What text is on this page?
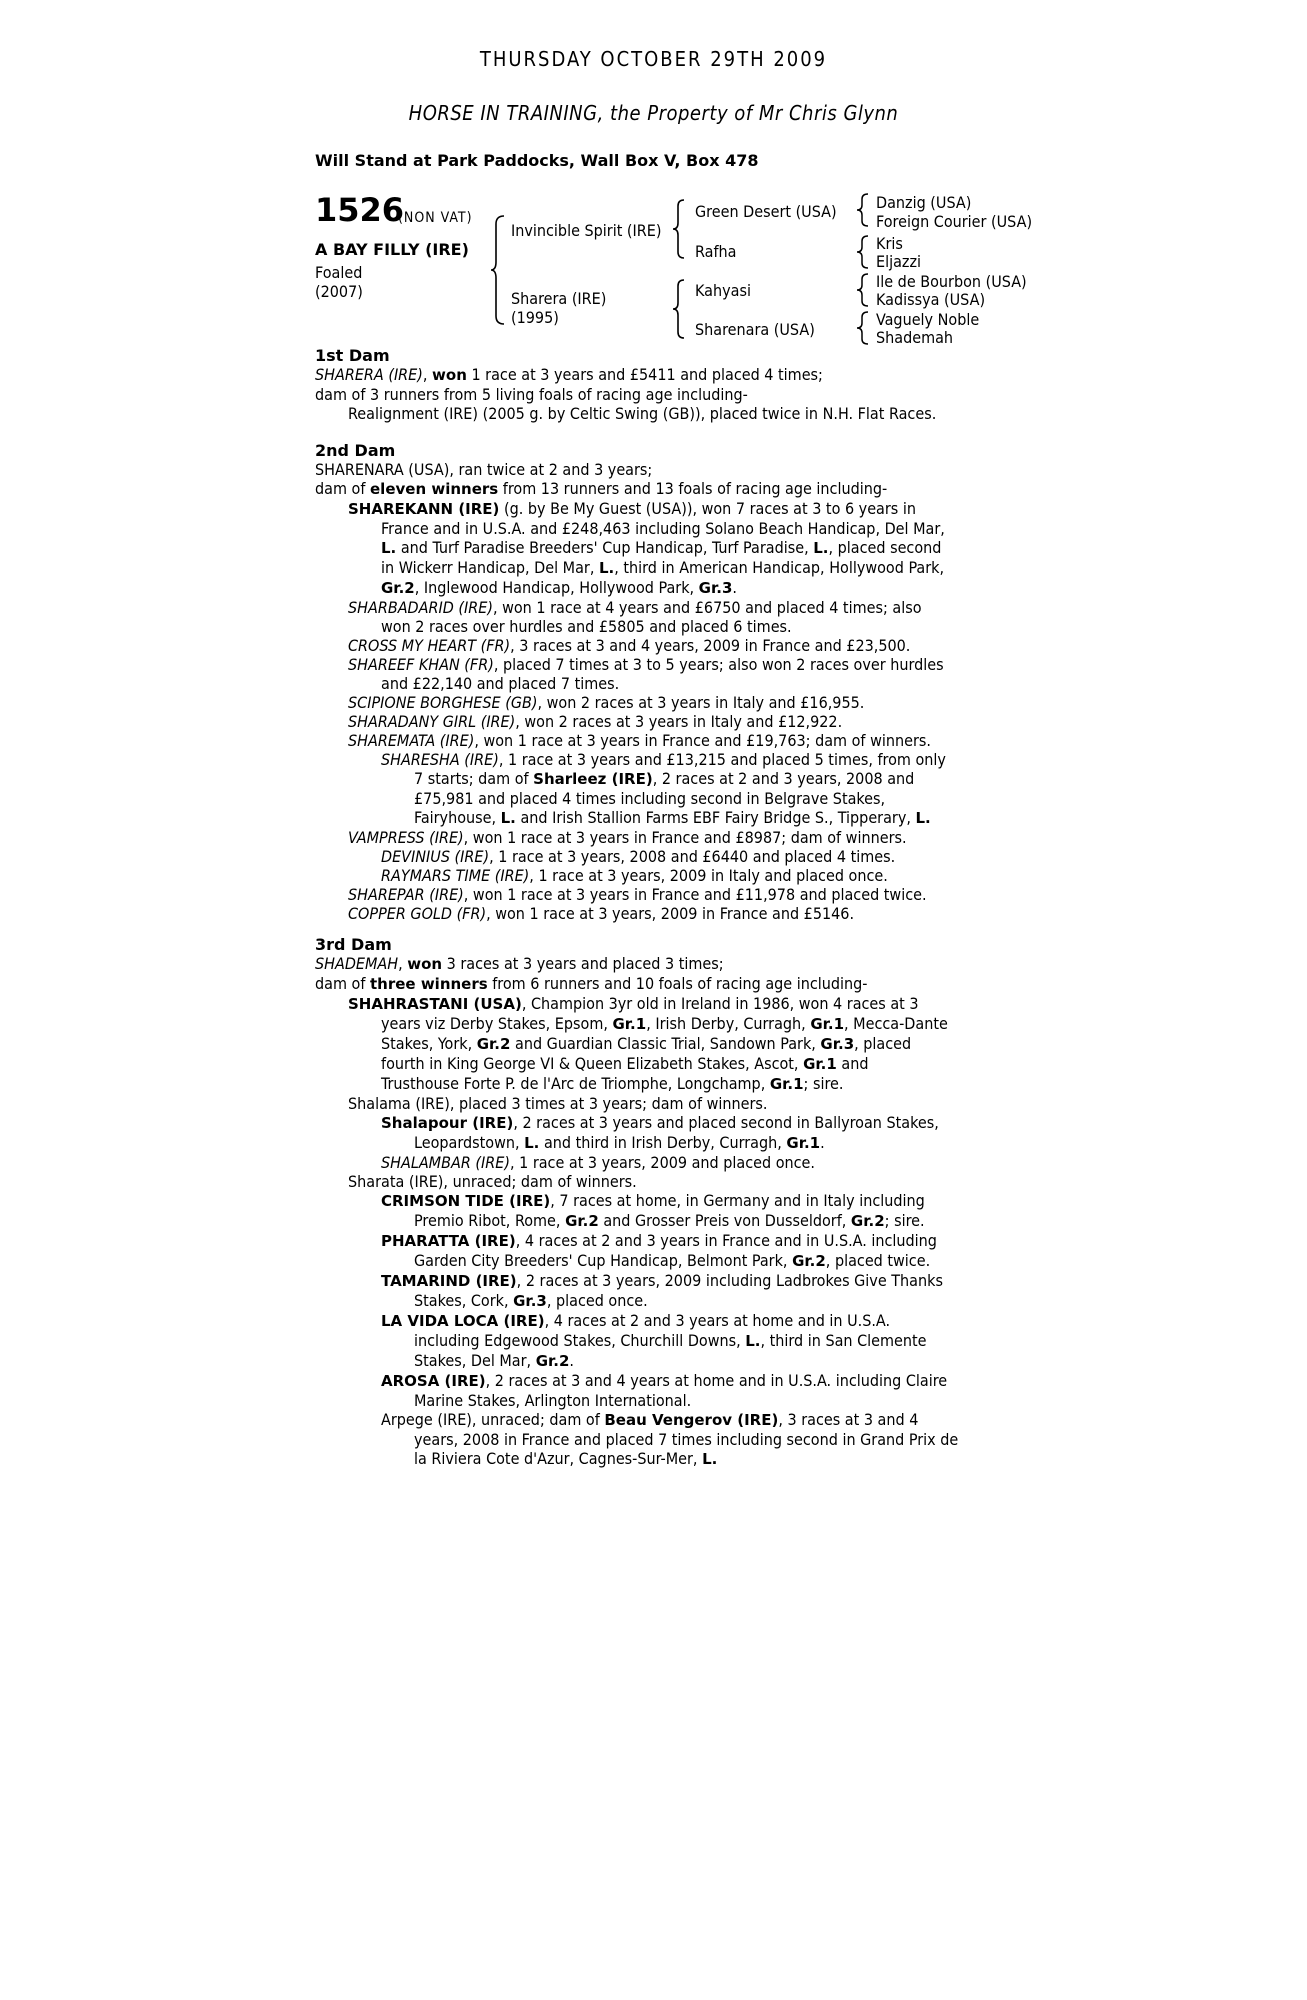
THURSDAY OCTOBER 29TH 2009
HORSE IN TRAINING, the Property of Mr Chris Glynn
Will Stand at Park Paddocks, Wall Box V, Box 478
1526
(NON VAT)
A BAY FILLY (IRE)
Foaled
(2007)
Invincible Spirit (IRE)
Sharera (IRE)
(1995)
Green Desert (USA)
Rafha
Kahyasi
Sharenara (USA)
Danzig (USA)
Foreign Courier (USA)
Kris
Eljazzi
Ile de Bourbon (USA)
Kadissya (USA)
Vaguely Noble
Shademah

1st Dam

SHARERA (IRE), won 1 race at 3 years and £5411 and placed 4 times;

dam of 3 runners from 5 living foals of racing age including-

Realignment (IRE) (2005 g. by Celtic Swing (GB)), placed twice in N.H. Flat Races.

2nd Dam

SHARENARA (USA), ran twice at 2 and 3 years;

dam of eleven winners from 13 runners and 13 foals of racing age including-

SHAREKANN (IRE) (g. by Be My Guest (USA)), won 7 races at 3 to 6 years in

France and in U.S.A. and £248,463 including Solano Beach Handicap, Del Mar,

L. and Turf Paradise Breeders' Cup Handicap, Turf Paradise, L., placed second

in Wickerr Handicap, Del Mar, L., third in American Handicap, Hollywood Park,

Gr.2, Inglewood Handicap, Hollywood Park, Gr.3.

SHARBADARID (IRE), won 1 race at 4 years and £6750 and placed 4 times; also

won 2 races over hurdles and £5805 and placed 6 times.

CROSS MY HEART (FR), 3 races at 3 and 4 years, 2009 in France and £23,500.

SHAREEF KHAN (FR), placed 7 times at 3 to 5 years; also won 2 races over hurdles

and £22,140 and placed 7 times.

SCIPIONE BORGHESE (GB), won 2 races at 3 years in Italy and £16,955.

SHARADANY GIRL (IRE), won 2 races at 3 years in Italy and £12,922.

SHAREMATA (IRE), won 1 race at 3 years in France and £19,763; dam of winners.

SHARESHA (IRE), 1 race at 3 years and £13,215 and placed 5 times, from only

7 starts; dam of Sharleez (IRE), 2 races at 2 and 3 years, 2008 and

£75,981 and placed 4 times including second in Belgrave Stakes,

Fairyhouse, L. and Irish Stallion Farms EBF Fairy Bridge S., Tipperary, L.

VAMPRESS (IRE), won 1 race at 3 years in France and £8987; dam of winners.

DEVINIUS (IRE), 1 race at 3 years, 2008 and £6440 and placed 4 times.

RAYMARS TIME (IRE), 1 race at 3 years, 2009 in Italy and placed once.

SHAREPAR (IRE), won 1 race at 3 years in France and £11,978 and placed twice.

COPPER GOLD (FR), won 1 race at 3 years, 2009 in France and £5146.

3rd Dam

SHADEMAH, won 3 races at 3 years and placed 3 times;

dam of three winners from 6 runners and 10 foals of racing age including-

SHAHRASTANI (USA), Champion 3yr old in Ireland in 1986, won 4 races at 3

years viz Derby Stakes, Epsom, Gr.1, Irish Derby, Curragh, Gr.1, Mecca-Dante

Stakes, York, Gr.2 and Guardian Classic Trial, Sandown Park, Gr.3, placed

fourth in King George VI & Queen Elizabeth Stakes, Ascot, Gr.1 and

Trusthouse Forte P. de l'Arc de Triomphe, Longchamp, Gr.1; sire.

Shalama (IRE), placed 3 times at 3 years; dam of winners.

Shalapour (IRE), 2 races at 3 years and placed second in Ballyroan Stakes,

Leopardstown, L. and third in Irish Derby, Curragh, Gr.1.

SHALAMBAR (IRE), 1 race at 3 years, 2009 and placed once.

Sharata (IRE), unraced; dam of winners.

CRIMSON TIDE (IRE), 7 races at home, in Germany and in Italy including

Premio Ribot, Rome, Gr.2 and Grosser Preis von Dusseldorf, Gr.2; sire.

PHARATTA (IRE), 4 races at 2 and 3 years in France and in U.S.A. including

Garden City Breeders' Cup Handicap, Belmont Park, Gr.2, placed twice.

TAMARIND (IRE), 2 races at 3 years, 2009 including Ladbrokes Give Thanks

Stakes, Cork, Gr.3, placed once.

LA VIDA LOCA (IRE), 4 races at 2 and 3 years at home and in U.S.A.

including Edgewood Stakes, Churchill Downs, L., third in San Clemente

Stakes, Del Mar, Gr.2.

AROSA (IRE), 2 races at 3 and 4 years at home and in U.S.A. including Claire

Marine Stakes, Arlington International.

Arpege (IRE), unraced; dam of Beau Vengerov (IRE), 3 races at 3 and 4

years, 2008 in France and placed 7 times including second in Grand Prix de

la Riviera Cote d'Azur, Cagnes-Sur-Mer, L.
